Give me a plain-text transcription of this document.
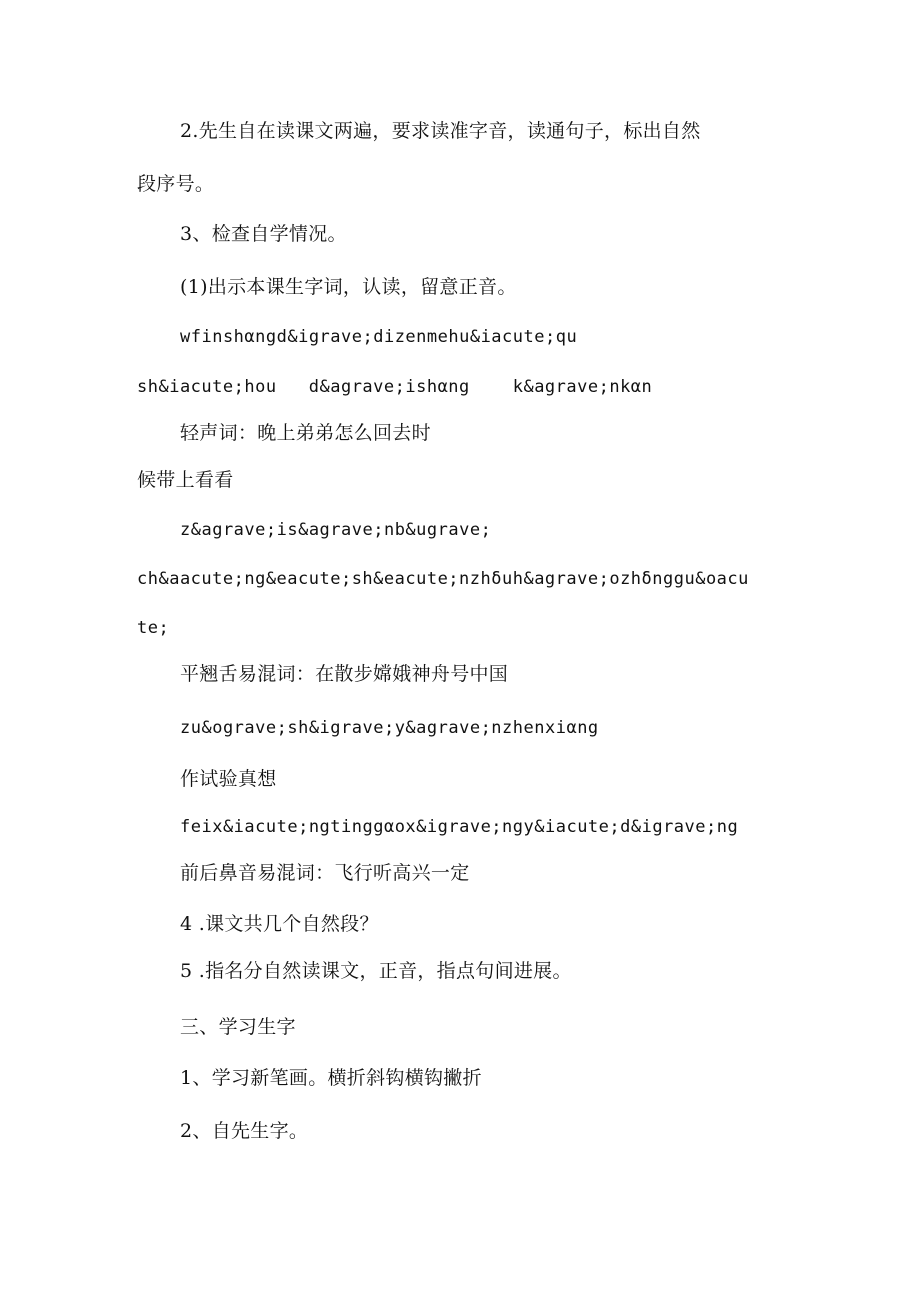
2.先生自在读课文两遍，要求读准字音，读通句子，标出自然
段序号。
3、检查自学情况。
(1)出示本课生字词，认读，留意正音。
wfinshαngd&igrave;dizenmehu&iacute;qu
sh&iacute;hou   d&agrave;ishαng    k&agrave;nkαn
轻声词：晚上弟弟怎么回去时
候带上看看
z&agrave;is&agrave;nb&ugrave;
ch&aacute;ng&eacute;sh&eacute;nzhδuh&agrave;ozhδnggu&oacu
te;
平翘舌易混词：在散步嫦娥神舟号中国
zu&ograve;sh&igrave;y&agrave;nzhenxiαng
作试验真想
feix&iacute;ngtinggαox&igrave;ngy&iacute;d&igrave;ng
前后鼻音易混词：飞行听高兴一定
4 .课文共几个自然段？
5 .指名分自然读课文，正音，指点句间进展。
三、学习生字
1、学习新笔画。横折斜钩横钩撇折
2、自先生字。
